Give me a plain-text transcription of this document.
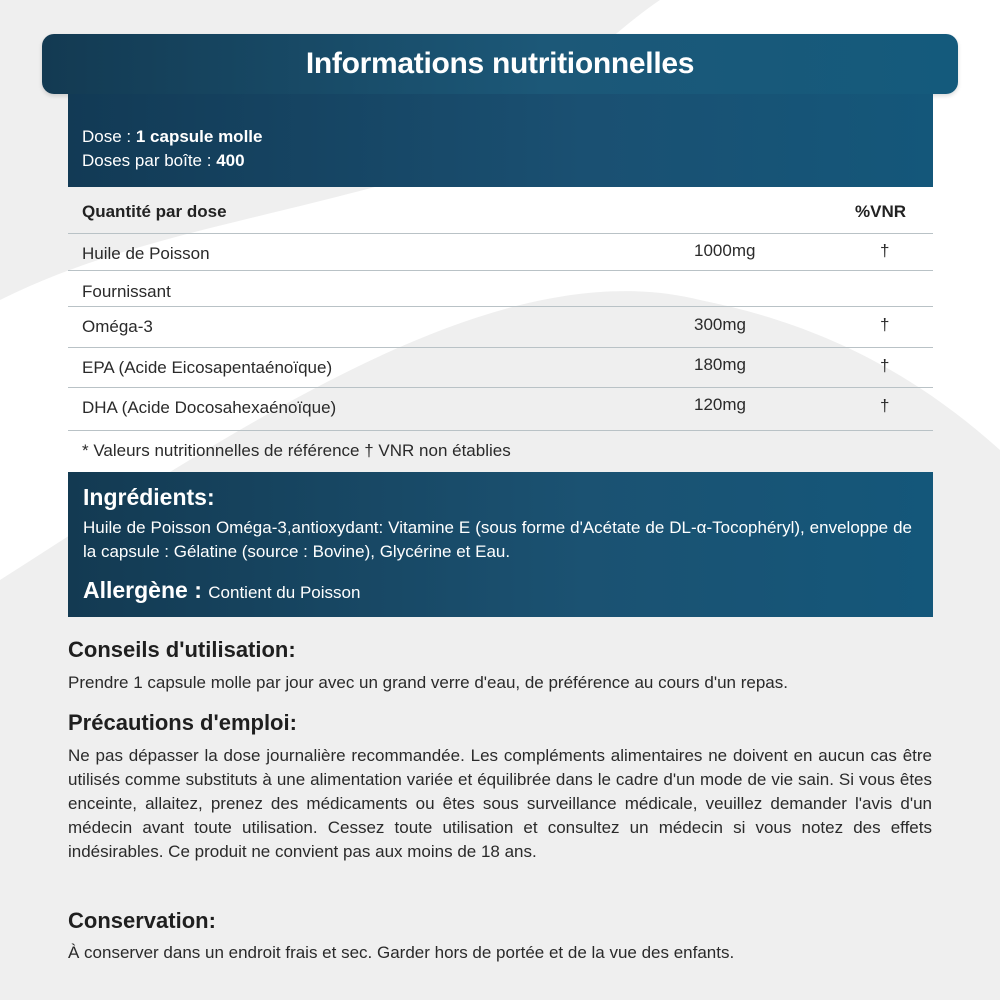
Informations nutritionnelles
Dose : 1 capsule molle
Doses par boîte : 400
Quantité par dose	%VNR
Huile de Poisson	1000mg	†
Fournissant
Oméga-3	300mg	†
EPA (Acide Eicosapentaénoïque)	180mg	†
DHA (Acide Docosahexaénoïque)	120mg	†
* Valeurs nutritionnelles de référence † VNR non établies
Ingrédients:
Huile de Poisson Oméga-3,antioxydant: Vitamine E (sous forme d'Acétate de DL-α-Tocophéryl), enveloppe de la capsule : Gélatine (source : Bovine), Glycérine et Eau.
Allergène : Contient du Poisson
Conseils d'utilisation:
Prendre 1 capsule molle par jour avec un grand verre d'eau, de préférence au cours d'un repas.
Précautions d'emploi:
Ne pas dépasser la dose journalière recommandée. Les compléments alimentaires ne doivent en aucun cas être utilisés comme substituts à une alimentation variée et équilibrée dans le cadre d'un mode de vie sain. Si vous êtes enceinte, allaitez, prenez des médicaments ou êtes sous surveillance médicale, veuillez demander l'avis d'un médecin avant toute utilisation. Cessez toute utilisation et consultez un médecin si vous notez des effets indésirables. Ce produit ne convient pas aux moins de 18 ans.
Conservation:
À conserver dans un endroit frais et sec. Garder hors de portée et de la vue des enfants.
